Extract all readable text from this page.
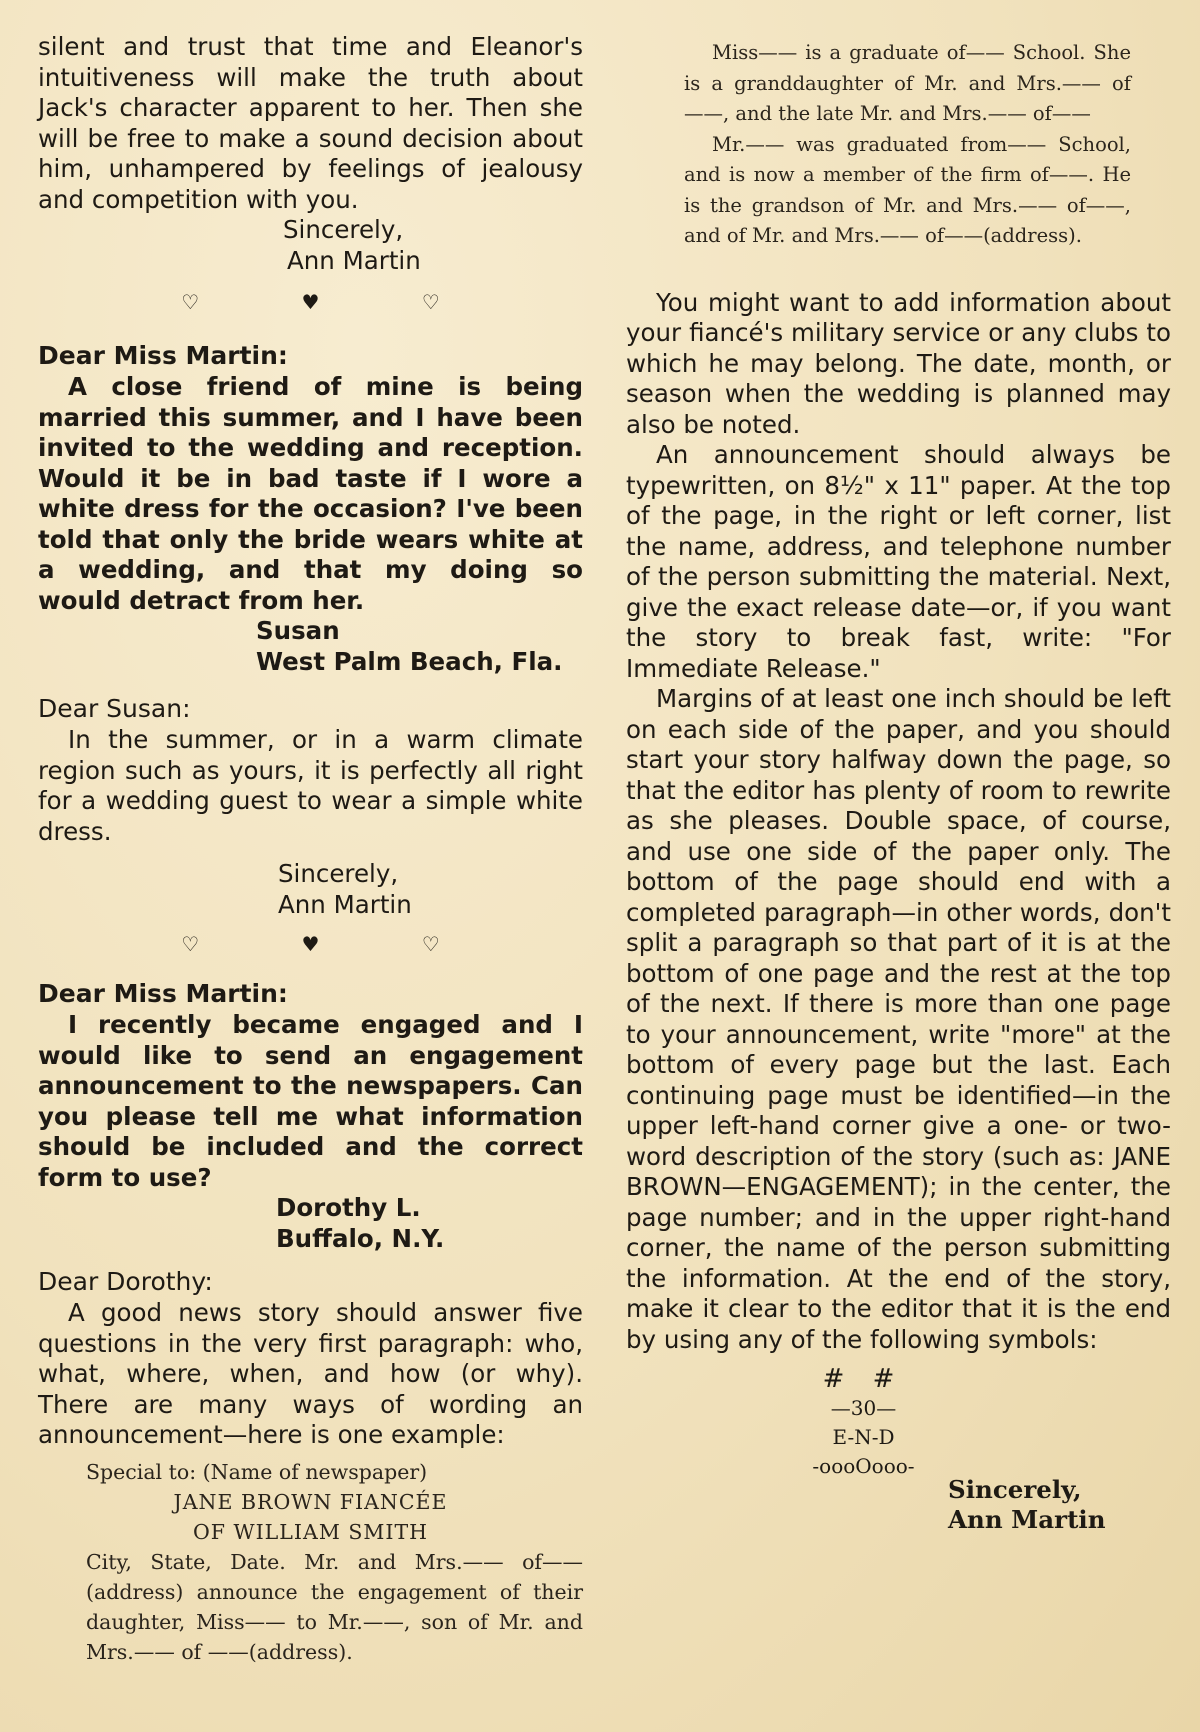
silent and trust that time and Eleanor's intuitiveness will make the truth about Jack's character apparent to her. Then she will be free to make a sound decision about him, unhampered by feelings of jealousy and competition with you.

Sincerely,
Ann Martin
♡ ♥ ♡
Dear Miss Martin:

A close friend of mine is being married this summer, and I have been invited to the wedding and reception. Would it be in bad taste if I wore a white dress for the occasion? I've been told that only the bride wears white at a wedding, and that my doing so would detract from her.

Susan
West Palm Beach, Fla.
Dear Susan:

In the summer, or in a warm climate region such as yours, it is perfectly all right for a wedding guest to wear a simple white dress.

Sincerely,
Ann Martin
♡ ♥ ♡
Dear Miss Martin:

I recently became engaged and I would like to send an engagement announcement to the newspapers. Can you please tell me what information should be included and the correct form to use?

Dorothy L.
Buffalo, N.Y.
Dear Dorothy:

A good news story should answer five questions in the very first paragraph: who, what, where, when, and how (or why). There are many ways of wording an announcement—here is one example:

Special to: (Name of newspaper)
JANE BROWN FIANCÉE
OF WILLIAM SMITH
City, State, Date. Mr. and Mrs.—— of——(address) announce the engagement of their daughter, Miss—— to Mr.——, son of Mr. and Mrs.—— of ——(address).

Miss—— is a graduate of—— School. She is a granddaughter of Mr. and Mrs.—— of——, and the late Mr. and Mrs.—— of——

Mr.—— was graduated from—— School, and is now a member of the firm of——. He is the grandson of Mr. and Mrs.—— of——, and of Mr. and Mrs.—— of——(address).

You might want to add information about your fiancé's military service or any clubs to which he may belong. The date, month, or season when the wedding is planned may also be noted.

An announcement should always be typewritten, on 8½" x 11" paper. At the top of the page, in the right or left corner, list the name, address, and telephone number of the person submitting the material. Next, give the exact release date—or, if you want the story to break fast, write: "For Immediate Release."

Margins of at least one inch should be left on each side of the paper, and you should start your story halfway down the page, so that the editor has plenty of room to rewrite as she pleases. Double space, of course, and use one side of the paper only. The bottom of the page should end with a completed paragraph—in other words, don't split a paragraph so that part of it is at the bottom of one page and the rest at the top of the next. If there is more than one page to your announcement, write "more" at the bottom of every page but the last. Each continuing page must be identified—in the upper left-hand corner give a one- or two-word description of the story (such as: JANE BROWN—ENGAGEMENT); in the center, the page number; and in the upper right-hand corner, the name of the person submitting the information. At the end of the story, make it clear to the editor that it is the end by using any of the following symbols:

# #
—30—
E-N-D
-oooOooo-
Sincerely,
Ann Martin
